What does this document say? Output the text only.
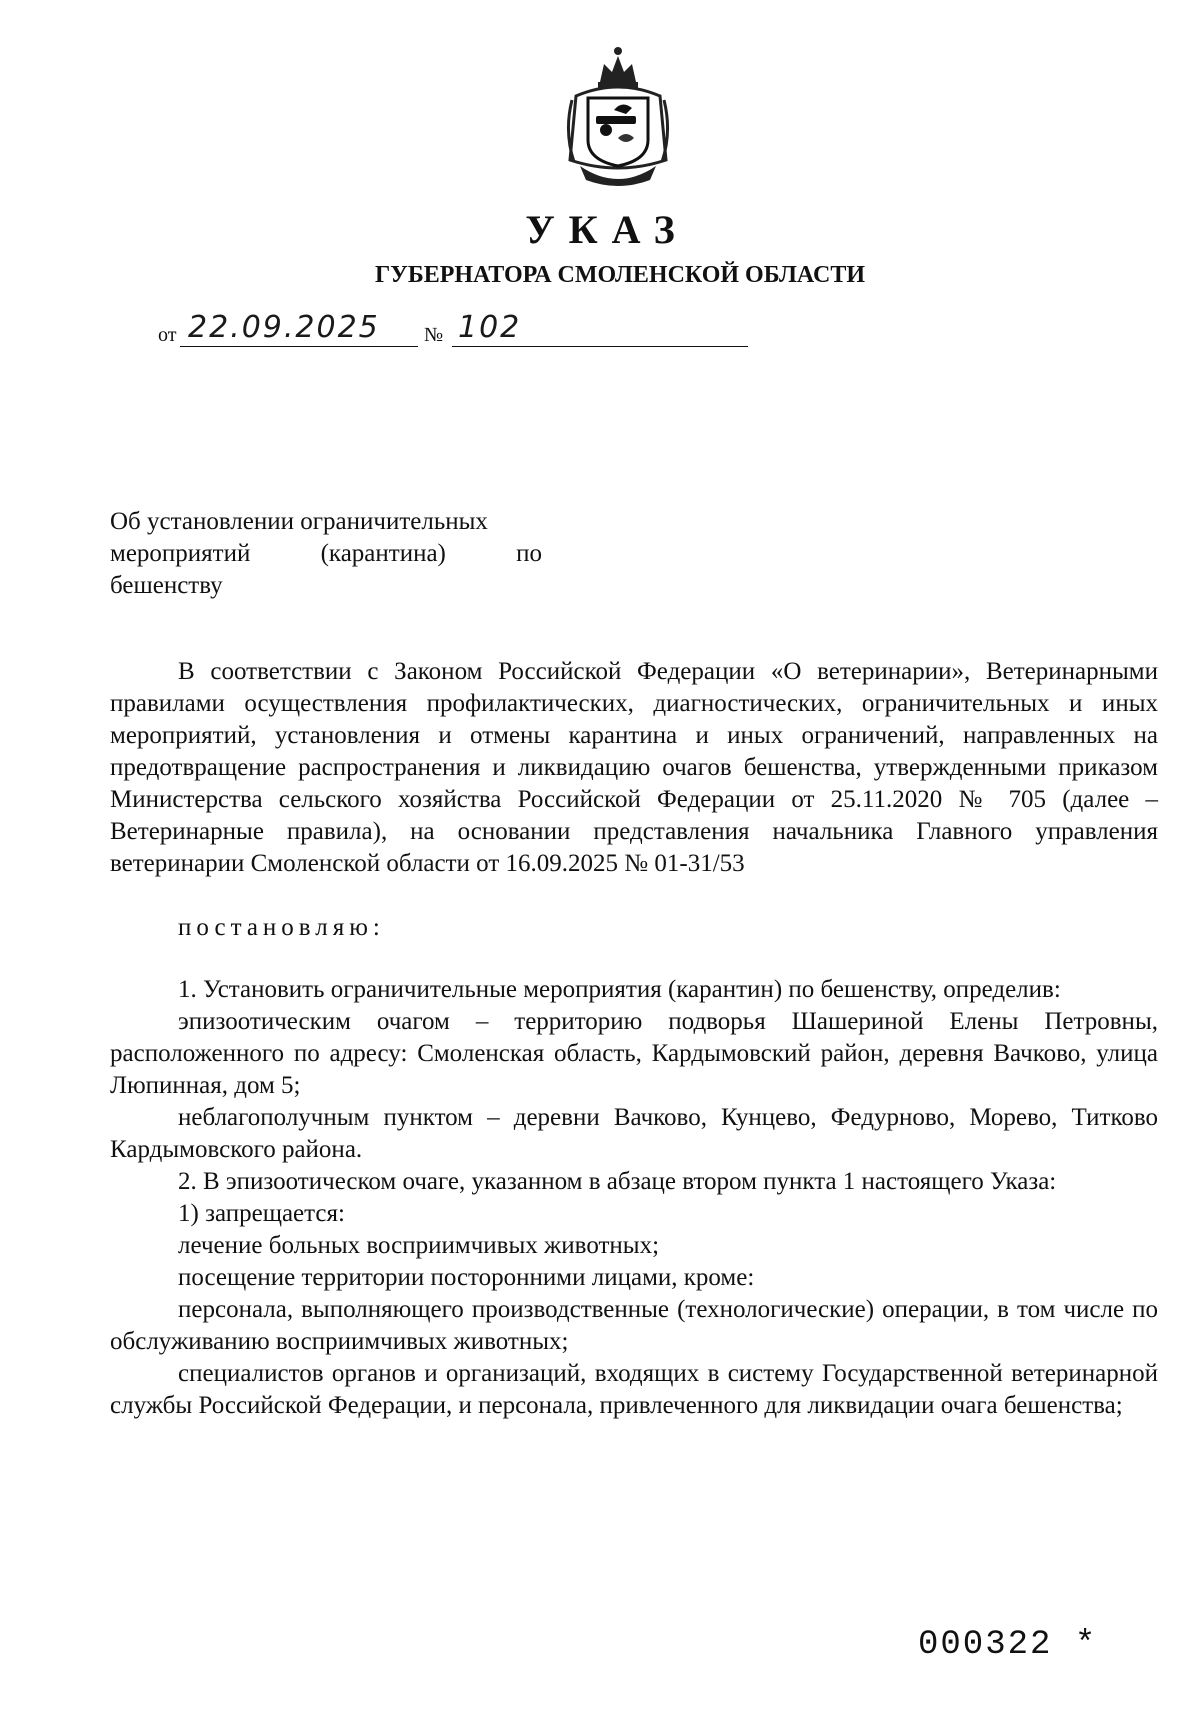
УКАЗ
ГУБЕРНАТОРА СМОЛЕНСКОЙ ОБЛАСТИ
от 22.09.2025 № 102
Об установлении ограничительных
мероприятий (карантина) по
бешенству

В соответствии с Законом Российской Федерации «О ветеринарии», Ветеринарными правилами осуществления профилактических, диагностических, ограничительных и иных мероприятий, установления и отмены карантина и иных ограничений, направленных на предотвращение распространения и ликвидацию очагов бешенства, утвержденными приказом Министерства сельского хозяйства Российской Федерации от 25.11.2020 № 705 (далее – Ветеринарные правила), на основании представления начальника Главного управления ветеринарии Смоленской области от 16.09.2025 № 01-31/53

постановляю:

1. Установить ограничительные мероприятия (карантин) по бешенству, определив:

эпизоотическим очагом – территорию подворья Шашериной Елены Петровны, расположенного по адресу: Смоленская область, Кардымовский район, деревня Вачково, улица Люпинная, дом 5;

неблагополучным пунктом – деревни Вачково, Кунцево, Федурново, Морево, Титково Кардымовского района.

2. В эпизоотическом очаге, указанном в абзаце втором пункта 1 настоящего Указа:

1) запрещается:

лечение больных восприимчивых животных;

посещение территории посторонними лицами, кроме:

персонала, выполняющего производственные (технологические) операции, в том числе по обслуживанию восприимчивых животных;

специалистов органов и организаций, входящих в систему Государственной ветеринарной службы Российской Федерации, и персонала, привлеченного для ликвидации очага бешенства;

000322 *
